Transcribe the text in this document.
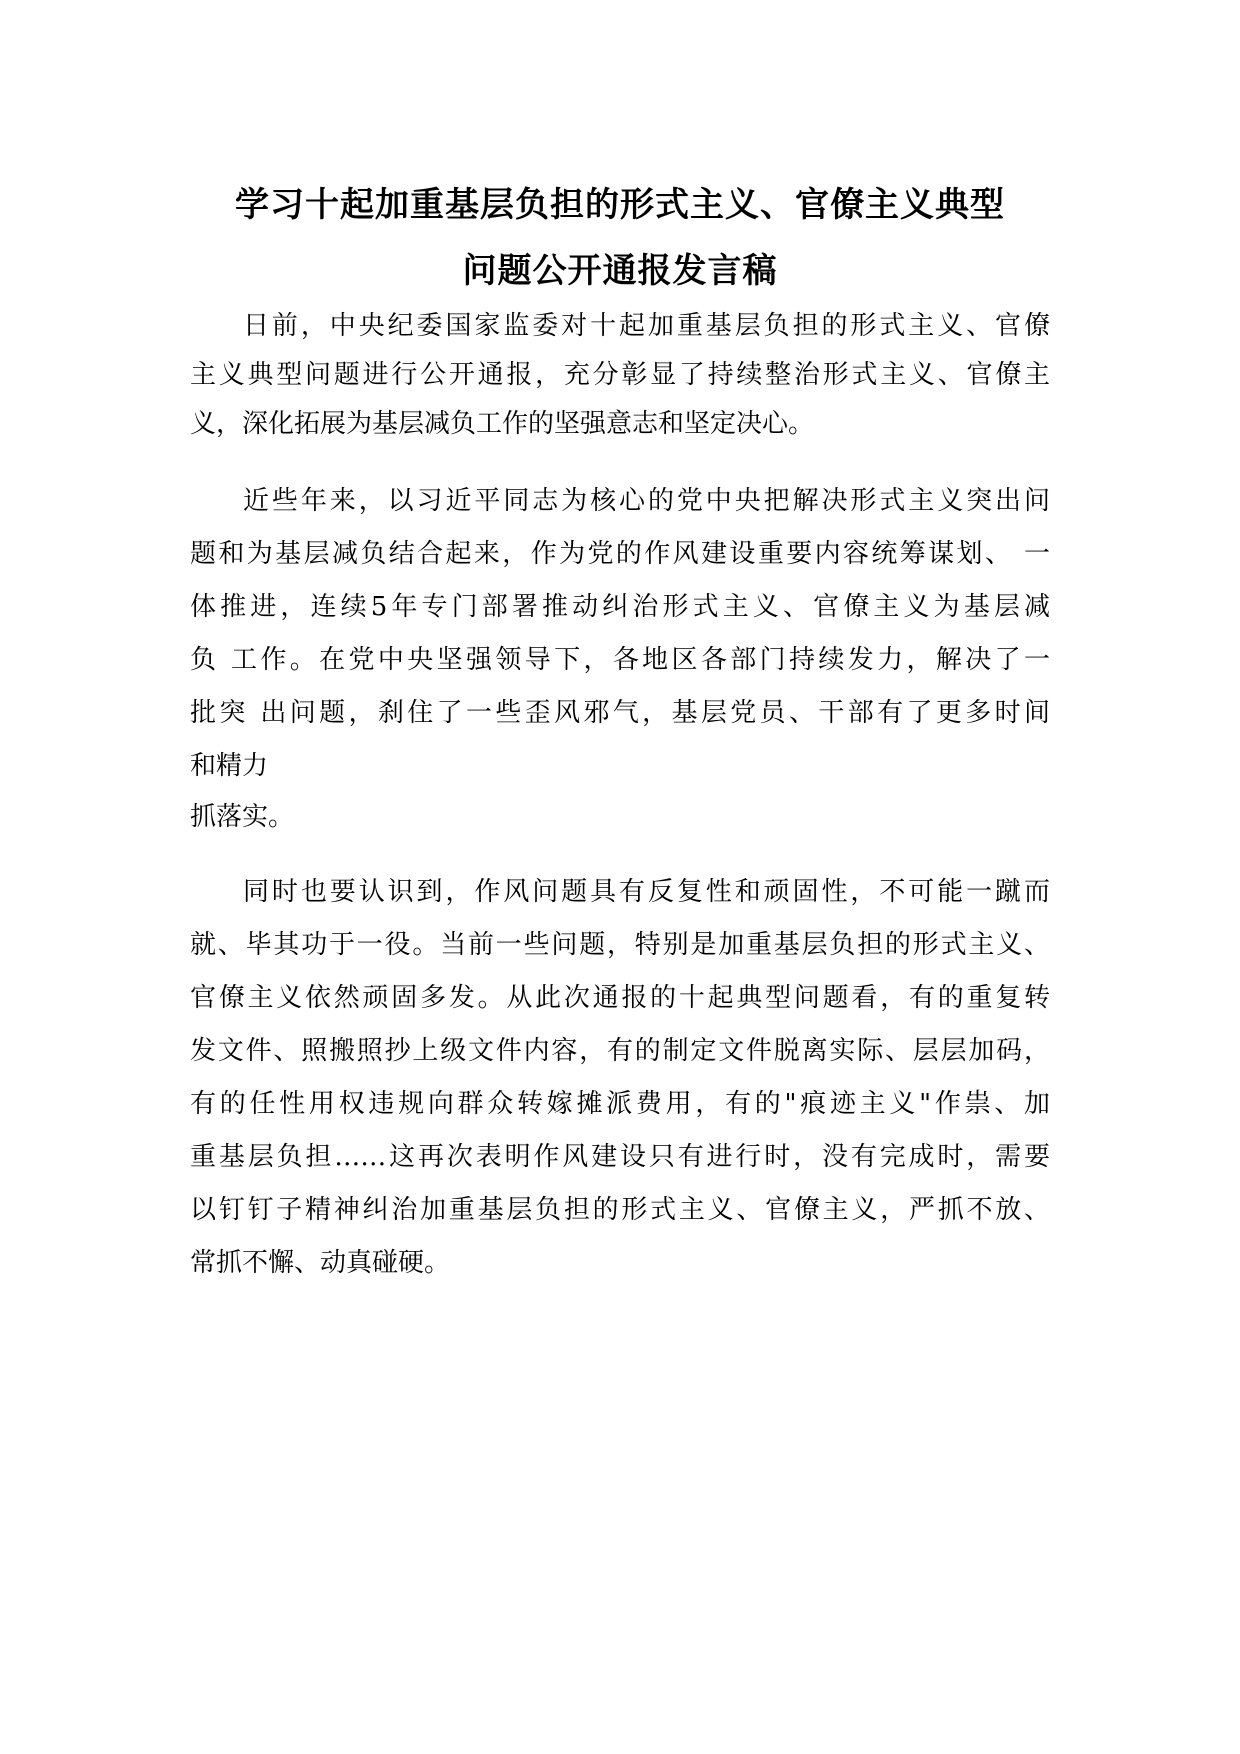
学习十起加重基层负担的形式主义、官僚主义典型
问题公开通报发言稿
日前，中央纪委国家监委对十起加重基层负担的形式主义、官僚
主义典型问题进行公开通报，充分彰显了持续整治形式主义、官僚主
义，深化拓展为基层减负工作的坚强意志和坚定决心。
近些年来，以习近平同志为核心的党中央把解决形式主义突出问
题和为基层减负结合起来，作为党的作风建设重要内容统筹谋划、 一
体推进，连续5年专门部署推动纠治形式主义、官僚主义为基层减
负 工作。在党中央坚强领导下，各地区各部门持续发力，解决了一
批突 出问题，刹住了一些歪风邪气，基层党员、干部有了更多时间
和精力
抓落实。
同时也要认识到，作风问题具有反复性和顽固性，不可能一蹴而
就、毕其功于一役。当前一些问题，特别是加重基层负担的形式主义、
官僚主义依然顽固多发。从此次通报的十起典型问题看，有的重复转
发文件、照搬照抄上级文件内容，有的制定文件脱离实际、层层加码，
有的任性用权违规向群众转嫁摊派费用，有的"痕迹主义"作祟、加
重基层负担……这再次表明作风建设只有进行时，没有完成时，需要
以钉钉子精神纠治加重基层负担的形式主义、官僚主义，严抓不放、
常抓不懈、动真碰硬。
